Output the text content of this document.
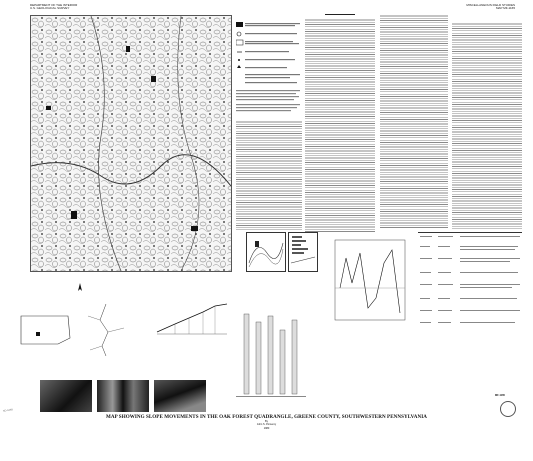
DEPARTMENT OF THE INTERIOR
U.S. GEOLOGICAL SURVEY
MISCELLANEOUS FIELD STUDIES
MAP MF-1165
MAP SHOWING SLOPE MOVEMENTS IN THE OAK FOREST QUADRANGLE, GREENE COUNTY, SOUTHWESTERN PENNSYLVANIA
By
John S. Pomeroy
1980
ND-0489
MF-1165
